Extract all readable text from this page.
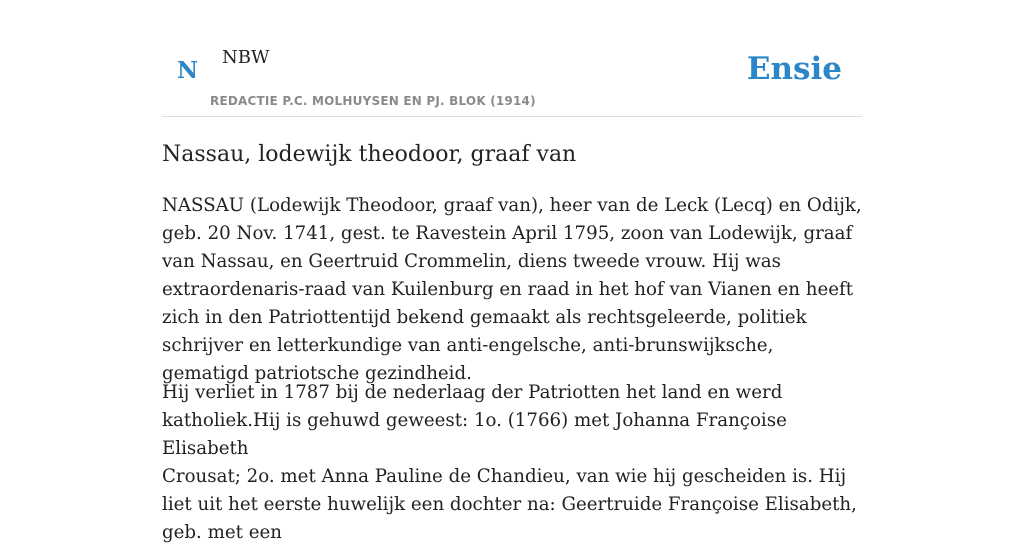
N NBW
REDACTIE P.C. MOLHUYSEN EN PJ. BLOK (1914)
Ensie
Nassau, lodewijk theodoor, graaf van

NASSAU (Lodewijk Theodoor, graaf van), heer van de Leck (Lecq) en Odijk, geb. 20 Nov. 1741, gest. te Ravestein April 1795, zoon van Lodewijk, graaf van Nassau, en Geertruid Crommelin, diens tweede vrouw. Hij was extraordenaris-raad van Kuilenburg en raad in het hof van Vianen en heeft zich in den Patriottentijd bekend gemaakt als rechtsgeleerde, politiek schrijver en letterkundige van anti-engelsche, anti-brunswijksche, gematigd patriotsche gezindheid.

Hij verliet in 1787 bij de nederlaag der Patriotten het land en werd katholiek.Hij is gehuwd geweest: 1o. (1766) met Johanna Françoise Elisabeth

Crousat; 2o. met Anna Pauline de Chandieu, van wie hij gescheiden is. Hij liet uit het eerste huwelijk een dochter na: Geertruide Françoise Elisabeth, geb. met een
